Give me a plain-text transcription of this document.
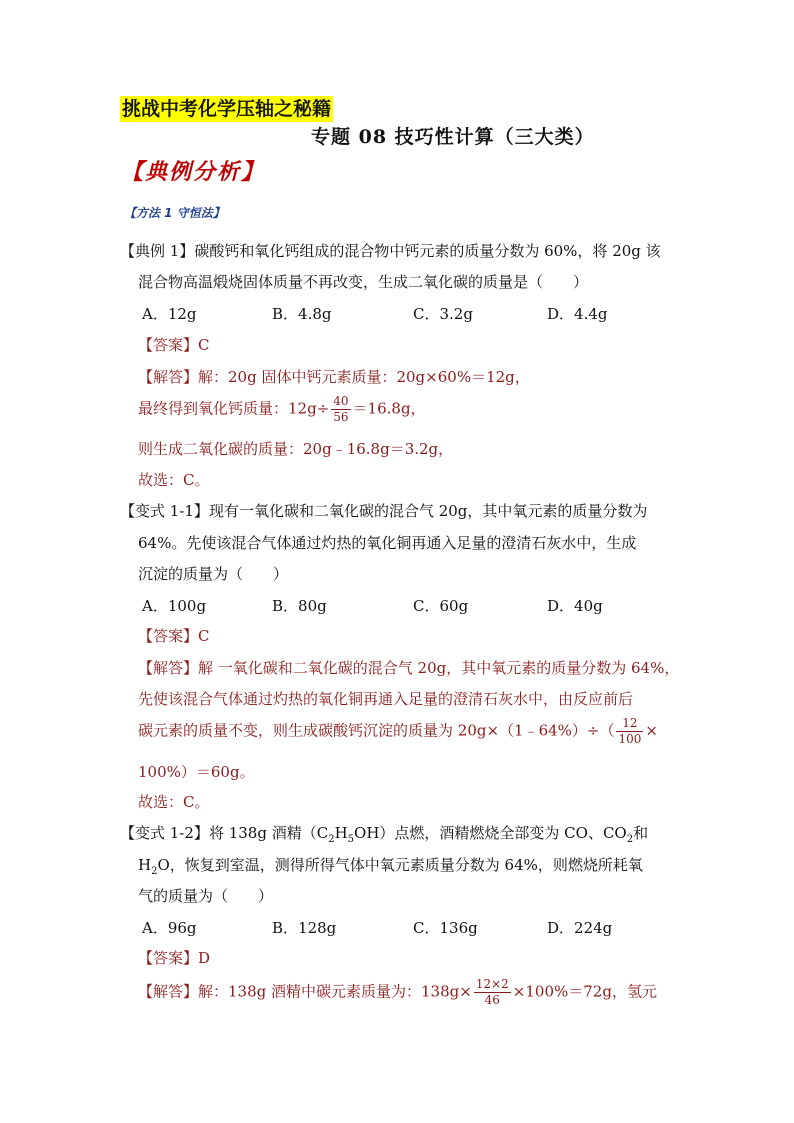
挑战中考化学压轴之秘籍
专题 08 技巧性计算（三大类）
【典例分析】
【方法 1 守恒法】
【典例 1】碳酸钙和氧化钙组成的混合物中钙元素的质量分数为 60%，将 20g 该
混合物高温煅烧固体质量不再改变，生成二氧化碳的质量是（　　）
A．12g	B．4.8g	C．3.2g	D．4.4g
【答案】C
【解答】解：20g 固体中钙元素质量：20g×60%＝12g，
最终得到氧化钙质量：$12g\div \frac{40}{56} =16.8g$，
则生成二氧化碳的质量：20g﹣16.8g＝3.2g，
故选：C。
【变式 1-1】现有一氧化碳和二氧化碳的混合气 20g，其中氧元素的质量分数为
64%。先使该混合气体通过灼热的氧化铜再通入足量的澄清石灰水中，生成
沉淀的质量为（　　）
A．100g	B．80g	C．60g	D．40g
【答案】C
【解答】解 一氧化碳和二氧化碳的混合气 20g，其中氧元素的质量分数为 64%，
先使该混合气体通过灼热的氧化铜再通入足量的澄清石灰水中，由反应前后
碳元素的质量不变，则生成碳酸钙沉淀的质量为 20g×（1﹣64%）÷（ $\frac{12}{100}$ ×
100%）＝60g。
故选：C。
【变式 1-2】将 138g 酒精$(C_2H_5OH)$点燃，酒精燃烧全部变为 CO、$CO_2$和
$H_2O$，恢复到室温，测得所得气体中氧元素质量分数为 64%，则燃烧所耗氧
气的质量为（　　）
A．96g	B．128g	C．136g	D．224g
【答案】D
【解答】解：138g 酒精中碳元素质量为：$138g\times \frac{12\times 2}{46} \times 100\%=72g$，氢元
